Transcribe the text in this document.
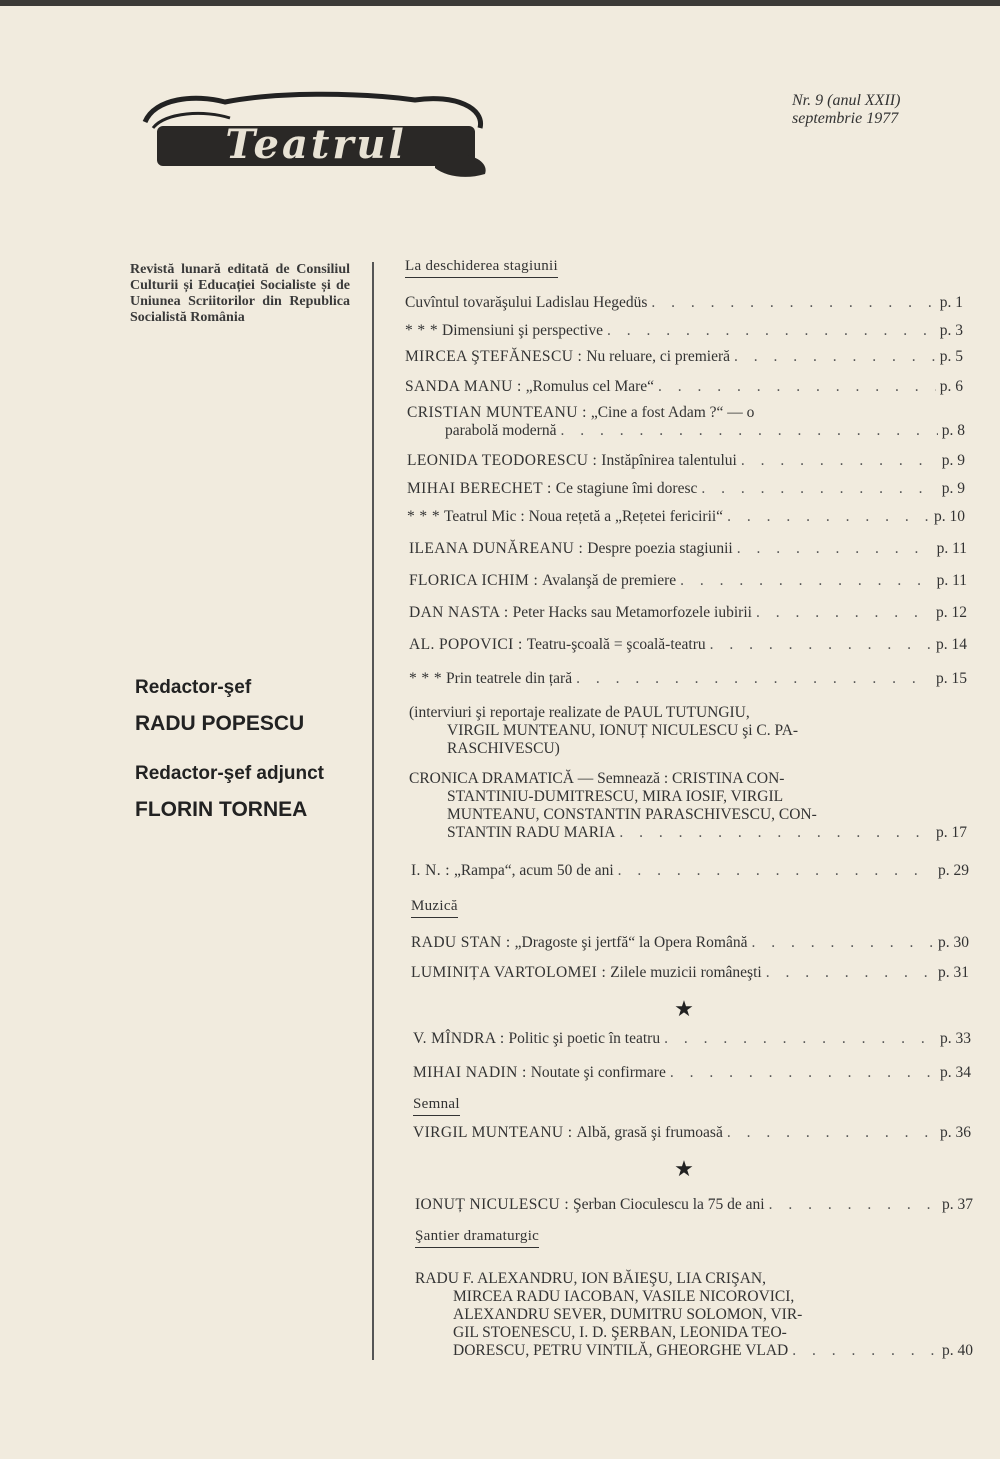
Teatrul
Nr. 9 (anul XXII)
septembrie 1977
Revistă lunară editată de Consiliul Culturii și Educației Socialiste și de Uniunea Scriitorilor din Republica Socialistă România
Redactor-şef
RADU POPESCU
Redactor-şef adjunct
FLORIN TORNEA
La deschiderea stagiunii
Muzică
Semnal
Şantier dramaturgic
Cuvîntul tovarăşului Ladislau Hegedüs . . .	p. 1
* * * Dimensiuni şi perspective . . .	p. 3
MIRCEA ŞTEFĂNESCU : Nu reluare, ci premieră . . .	p. 5
SANDA MANU : „Romulus cel Mare“ . . .	p. 6
CRISTIAN MUNTEANU : „Cine a fost Adam ?“ — o
parabolă modernă . . .	p. 8
LEONIDA TEODORESCU : Instăpînirea talentului . . .	p. 9
MIHAI BERECHET : Ce stagiune îmi doresc . . .	p. 9
* * * Teatrul Mic : Noua rețetă a „Rețetei fericirii“ . . .	p. 10
ILEANA DUNĂREANU : Despre poezia stagiunii . . .	p. 11
FLORICA ICHIM : Avalanşă de premiere . . .	p. 11
DAN NASTA : Peter Hacks sau Metamorfozele iubirii . . .	p. 12
AL. POPOVICI : Teatru-şcoală = şcoală-teatru . . .	p. 14
* * * Prin teatrele din țară . . .	p. 15
(interviuri şi reportaje realizate de PAUL TUTUNGIU,
VIRGIL MUNTEANU, IONUȚ NICULESCU şi C. PA-
RASCHIVESCU)
CRONICA DRAMATICĂ — Semnează : CRISTINA CON-
STANTINIU-DUMITRESCU, MIRA IOSIF, VIRGIL
MUNTEANU, CONSTANTIN PARASCHIVESCU, CON-
STANTIN RADU MARIA . . .	p. 17
I. N. : „Rampa“, acum 50 de ani . . .	p. 29
RADU STAN : „Dragoste şi jertfă“ la Opera Română . . .	p. 30
LUMINIȚA VARTOLOMEI : Zilele muzicii româneşti . . .	p. 31
V. MÎNDRA : Politic şi poetic în teatru . . .	p. 33
MIHAI NADIN : Noutate şi confirmare . . .	p. 34
VIRGIL MUNTEANU : Albă, grasă şi frumoasă . . .	p. 36
IONUȚ NICULESCU : Şerban Cioculescu la 75 de ani . . .	p. 37
RADU F. ALEXANDRU, ION BĂIEŞU, LIA CRIŞAN,
MIRCEA RADU IACOBAN, VASILE NICOROVICI,
ALEXANDRU SEVER, DUMITRU SOLOMON, VIR-
GIL STOENESCU, I. D. ŞERBAN, LEONIDA TEO-
DORESCU, PETRU VINTILĂ, GHEORGHE VLAD . . .	p. 40
★
★
